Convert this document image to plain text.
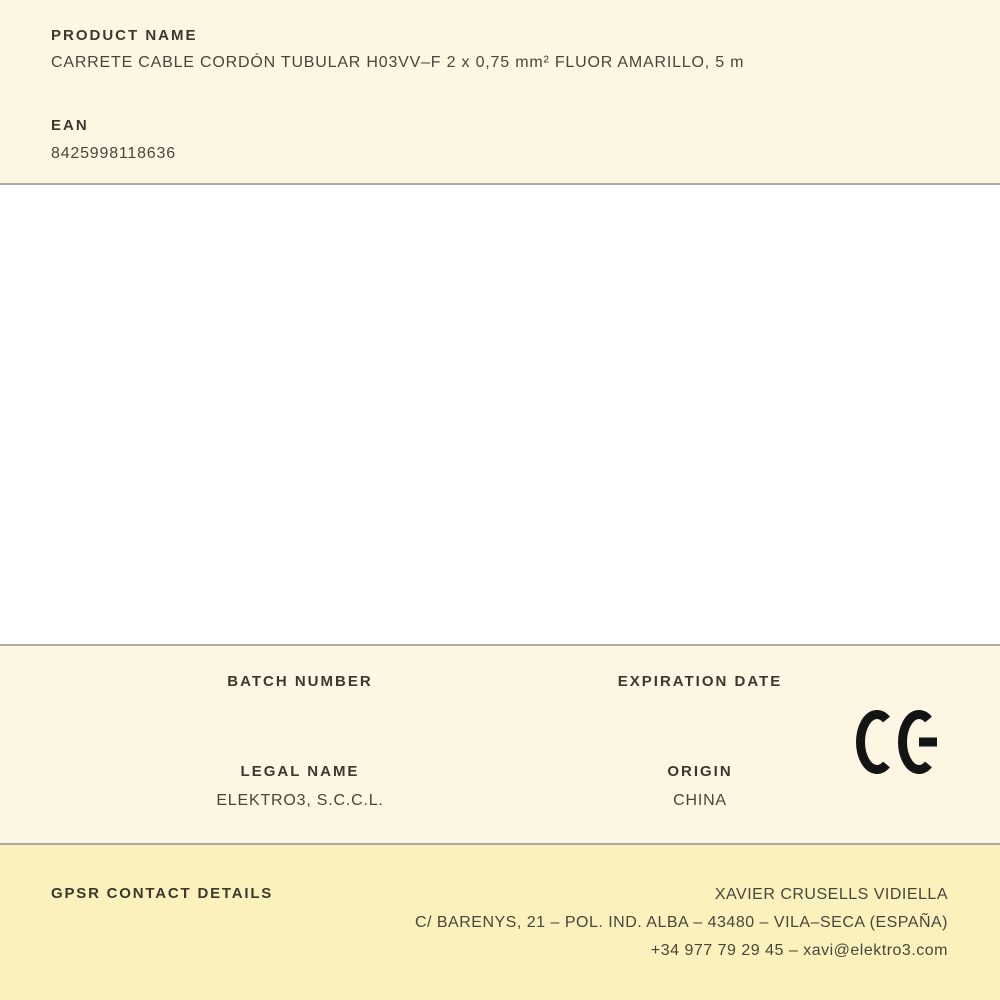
PRODUCT NAME
CARRETE CABLE CORDÓN TUBULAR H03VV–F 2 x 0,75 mm² FLUOR AMARILLO, 5 m
EAN
8425998118636
BATCH NUMBER	EXPIRATION DATE
LEGAL NAME	ORIGIN
ELEKTRO3, S.C.C.L.	CHINA
GPSR CONTACT DETAILS	XAVIER CRUSELLS VIDIELLA
C/ BARENYS, 21 – POL. IND. ALBA – 43480 – VILA–SECA (ESPAÑA)
+34 977 79 29 45 – xavi@elektro3.com
